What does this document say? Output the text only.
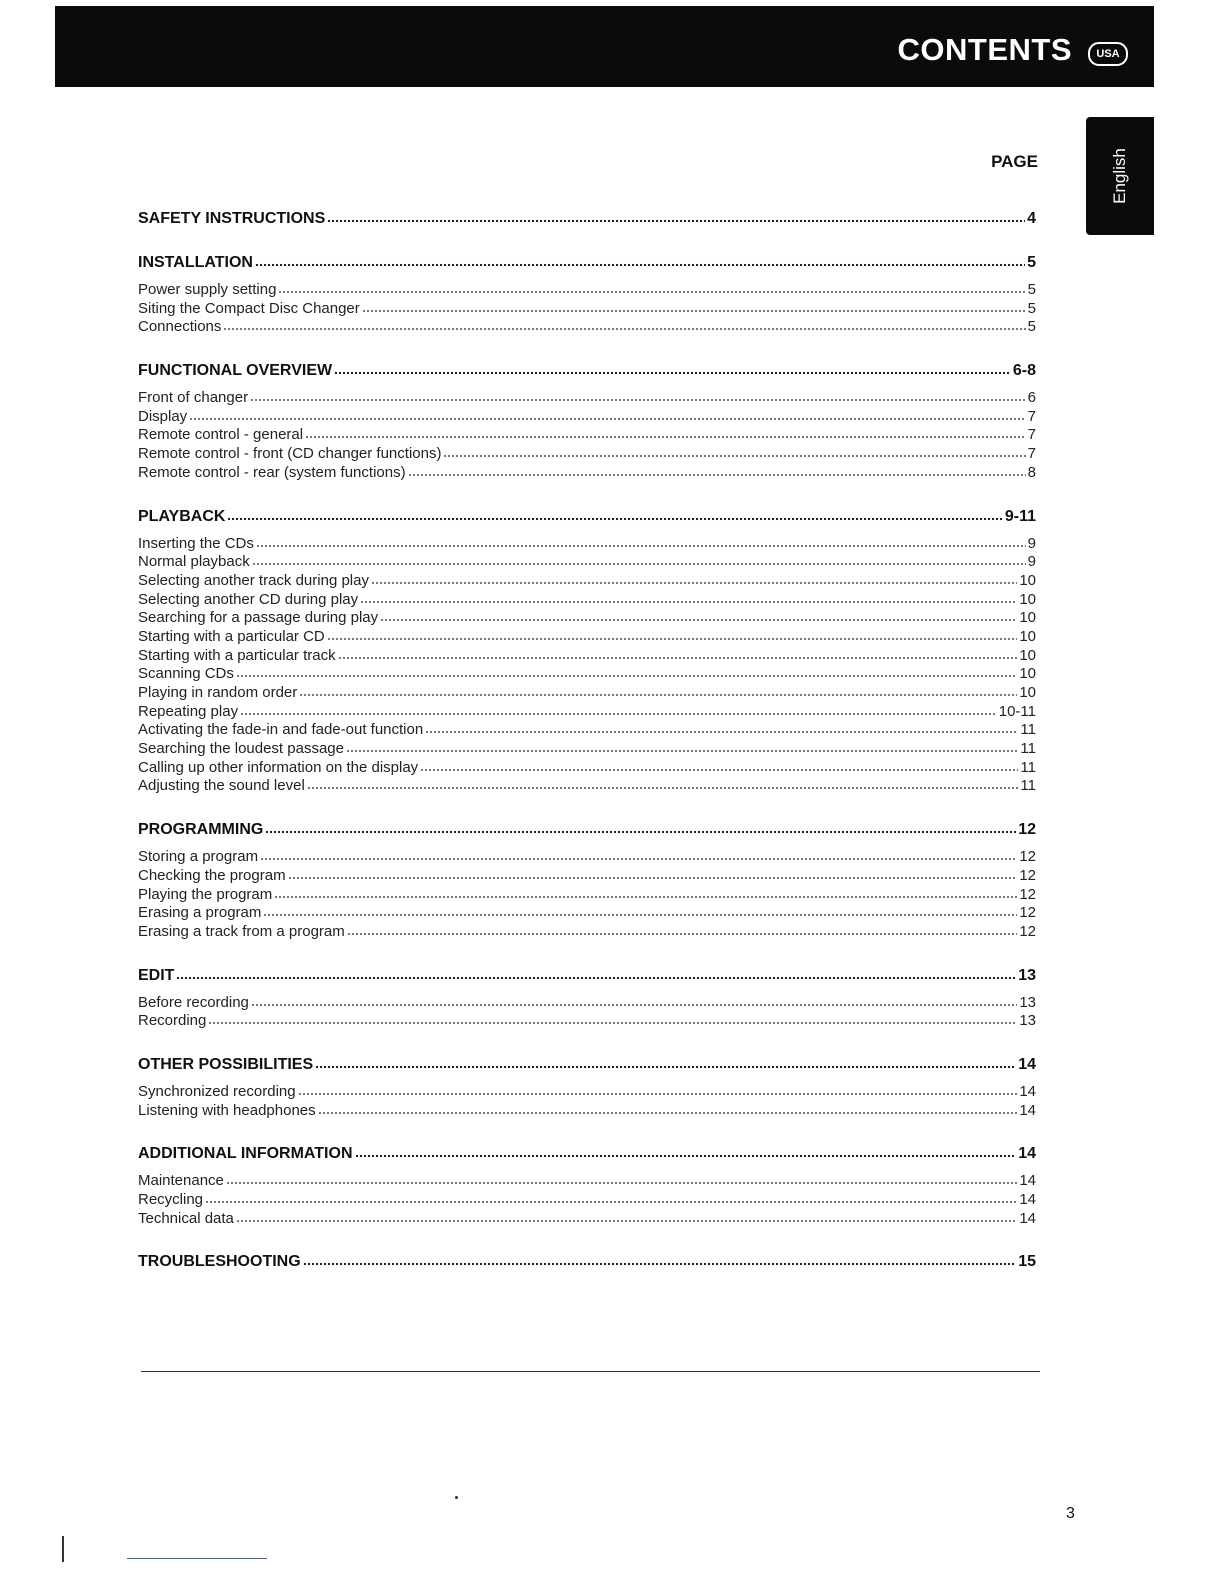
CONTENTS	USA
English
PAGE
SAFETY INSTRUCTIONS	4
INSTALLATION	5
Power supply setting	5
Siting the Compact Disc Changer	5
Connections	5
FUNCTIONAL OVERVIEW	6-8
Front of changer	6
Display	7
Remote control - general	7
Remote control - front (CD changer functions)	7
Remote control - rear (system functions)	8
PLAYBACK	9-11
Inserting the CDs	9
Normal playback	9
Selecting another track during play	10
Selecting another CD during play	10
Searching for a passage during play	10
Starting with a particular CD	10
Starting with a particular track	10
Scanning CDs	10
Playing in random order	10
Repeating play	10-11
Activating the fade-in and fade-out function	11
Searching the loudest passage	11
Calling up other information on the display	11
Adjusting the sound level	11
PROGRAMMING	12
Storing a program	12
Checking the program	12
Playing the program	12
Erasing a program	12
Erasing a track from a program	12
EDIT	13
Before recording	13
Recording	13
OTHER POSSIBILITIES	14
Synchronized recording	14
Listening with headphones	14
ADDITIONAL INFORMATION	14
Maintenance	14
Recycling	14
Technical data	14
TROUBLESHOOTING	15
3
